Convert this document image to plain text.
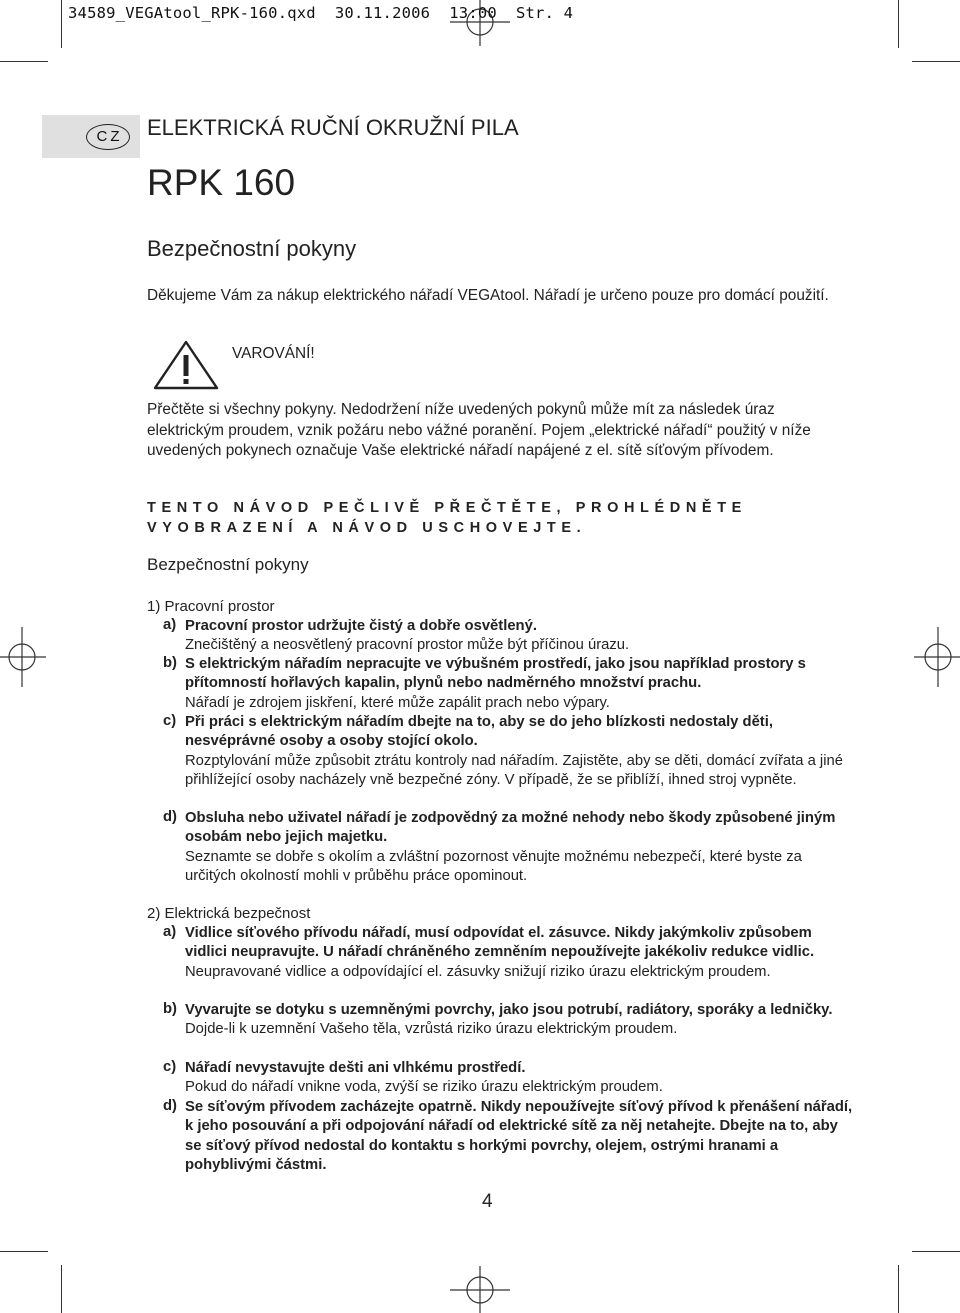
34589_VEGAtool_RPK-160.qxd  30.11.2006  13:00  Str. 4
CZ	ELEKTRICKÁ RUČNÍ OKRUŽNÍ PILA
RPK 160
Bezpečnostní pokyny
Děkujeme Vám za nákup elektrického nářadí VEGAtool. Nářadí je určeno pouze pro domácí použití.
VAROVÁNÍ!
Přečtěte si všechny pokyny. Nedodržení níže uvedených pokynů může mít za následek úraz elektrickým proudem, vznik požáru nebo vážné poranění. Pojem „elektrické nářadí“ použitý v níže uvedených pokynech označuje Vaše elektrické nářadí napájené z el. sítě síťovým přívodem.
TENTO NÁVOD PEČLIVĚ PŘEČTĚTE, PROHLÉDNĚTE VYOBRAZENÍ A NÁVOD USCHOVEJTE.
Bezpečnostní pokyny
1) Pracovní prostor
a) Pracovní prostor udržujte čistý a dobře osvětlený.
Znečištěný a neosvětlený pracovní prostor může být příčinou úrazu.
b) S elektrickým nářadím nepracujte ve výbušném prostředí, jako jsou například prostory s přítomností hořlavých kapalin, plynů nebo nadměrného množství prachu.
Nářadí je zdrojem jiskření, které může zapálit prach nebo výpary.
c) Při práci s elektrickým nářadím dbejte na to, aby se do jeho blízkosti nedostaly děti, nesvéprávné osoby a osoby stojící okolo.
Rozptylování může způsobit ztrátu kontroly nad nářadím. Zajistěte, aby se děti, domácí zvířata a jiné přihlížející osoby nacházely vně bezpečné zóny. V případě, že se přiblíží, ihned stroj vypněte.
d) Obsluha nebo uživatel nářadí je zodpovědný za možné nehody nebo škody způsobené jiným osobám nebo jejich majetku.
Seznamte se dobře s okolím a zvláštní pozornost věnujte možnému nebezpečí, které byste za určitých okolností mohli v průběhu práce opominout.
2) Elektrická bezpečnost
a) Vidlice síťového přívodu nářadí, musí odpovídat el. zásuvce. Nikdy jakýmkoliv způsobem vidlici neupravujte. U nářadí chráněného zemněním nepoužívejte jakékoliv redukce vidlic.
Neupravované vidlice a odpovídající el. zásuvky snižují riziko úrazu elektrickým proudem.
b) Vyvarujte se dotyku s uzemněnými povrchy, jako jsou potrubí, radiátory, sporáky a ledničky.
Dojde-li k uzemnění Vašeho těla, vzrůstá riziko úrazu elektrickým proudem.
c) Nářadí nevystavujte dešti ani vlhkému prostředí.
Pokud do nářadí vnikne voda, zvýší se riziko úrazu elektrickým proudem.
d) Se síťovým přívodem zacházejte opatrně. Nikdy nepoužívejte síťový přívod k přenášení nářadí, k jeho posouvání a při odpojování nářadí od elektrické sítě za něj netahejte. Dbejte na to, aby se síťový přívod nedostal do kontaktu s horkými povrchy, olejem, ostrými hranami a pohyblivými částmi.
4
